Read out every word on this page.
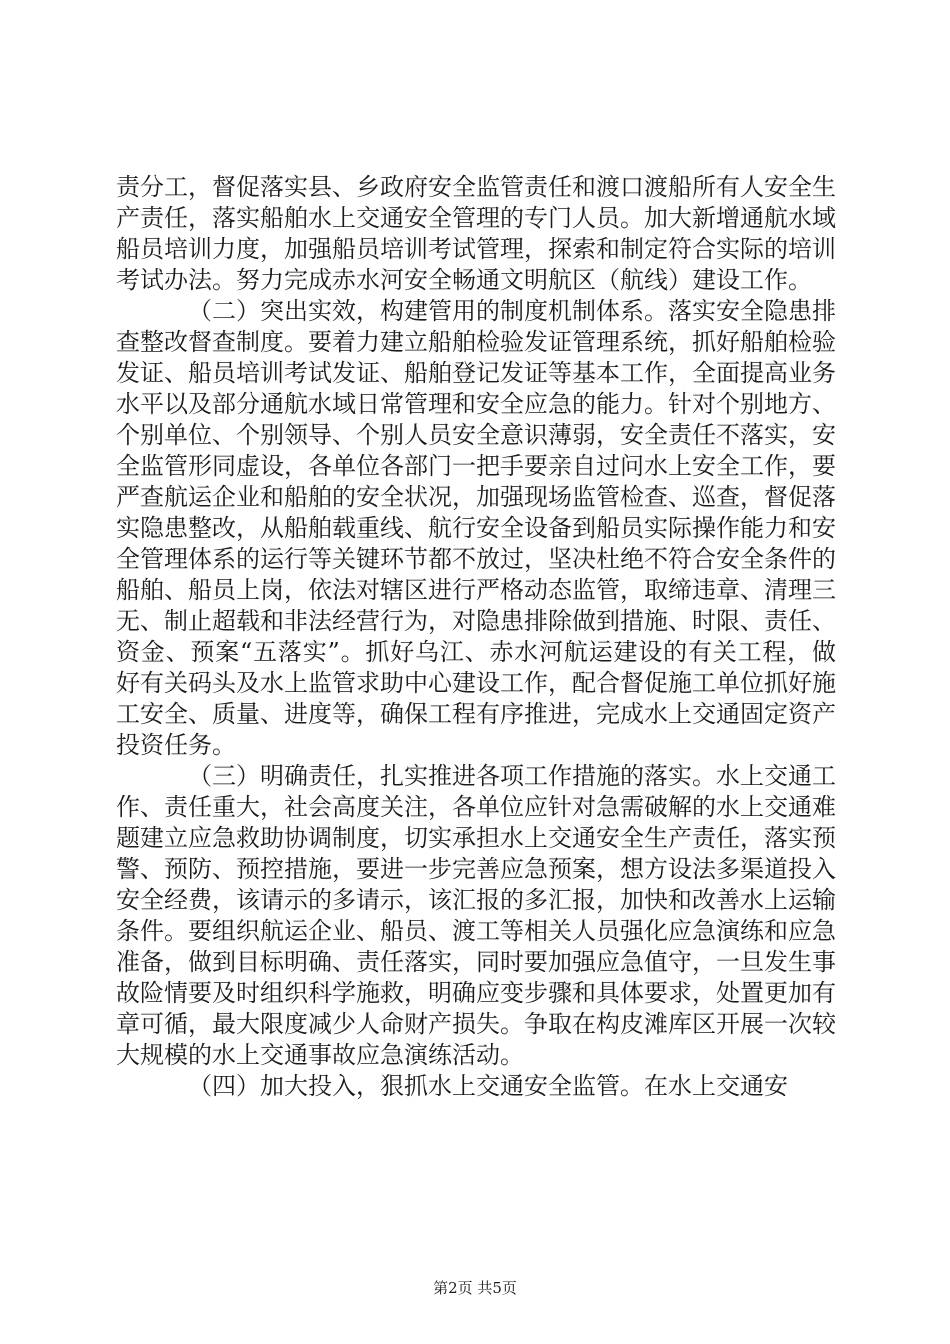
责分工，督促落实县、乡政府安全监管责任和渡口渡船所有人安全生产责任，落实船舶水上交通安全管理的专门人员。加大新增通航水域船员培训力度，加强船员培训考试管理，探索和制定符合实际的培训考试办法。努力完成赤水河安全畅通文明航区（航线）建设工作。

（二）突出实效，构建管用的制度机制体系。落实安全隐患排查整改督查制度。要着力建立船舶检验发证管理系统，抓好船舶检验发证、船员培训考试发证、船舶登记发证等基本工作，全面提高业务水平以及部分通航水域日常管理和安全应急的能力。针对个别地方、个别单位、个别领导、个别人员安全意识薄弱，安全责任不落实，安全监管形同虚设，各单位各部门一把手要亲自过问水上安全工作，要严查航运企业和船舶的安全状况，加强现场监管检查、巡查，督促落实隐患整改，从船舶载重线、航行安全设备到船员实际操作能力和安全管理体系的运行等关键环节都不放过，坚决杜绝不符合安全条件的船舶、船员上岗，依法对辖区进行严格动态监管，取缔违章、清理三无、制止超载和非法经营行为，对隐患排除做到措施、时限、责任、资金、预案“五落实”。抓好乌江、赤水河航运建设的有关工程，做好有关码头及水上监管求助中心建设工作，配合督促施工单位抓好施工安全、质量、进度等，确保工程有序推进，完成水上交通固定资产投资任务。

（三）明确责任，扎实推进各项工作措施的落实。水上交通工作、责任重大，社会高度关注，各单位应针对急需破解的水上交通难题建立应急救助协调制度，切实承担水上交通安全生产责任，落实预警、预防、预控措施，要进一步完善应急预案，想方设法多渠道投入安全经费，该请示的多请示，该汇报的多汇报，加快和改善水上运输条件。要组织航运企业、船员、渡工等相关人员强化应急演练和应急准备，做到目标明确、责任落实，同时要加强应急值守，一旦发生事故险情要及时组织科学施救，明确应变步骤和具体要求，处置更加有章可循，最大限度减少人命财产损失。争取在构皮滩库区开展一次较大规模的水上交通事故应急演练活动。

（四）加大投入，狠抓水上交通安全监管。在水上交通安

第2页 共5页
